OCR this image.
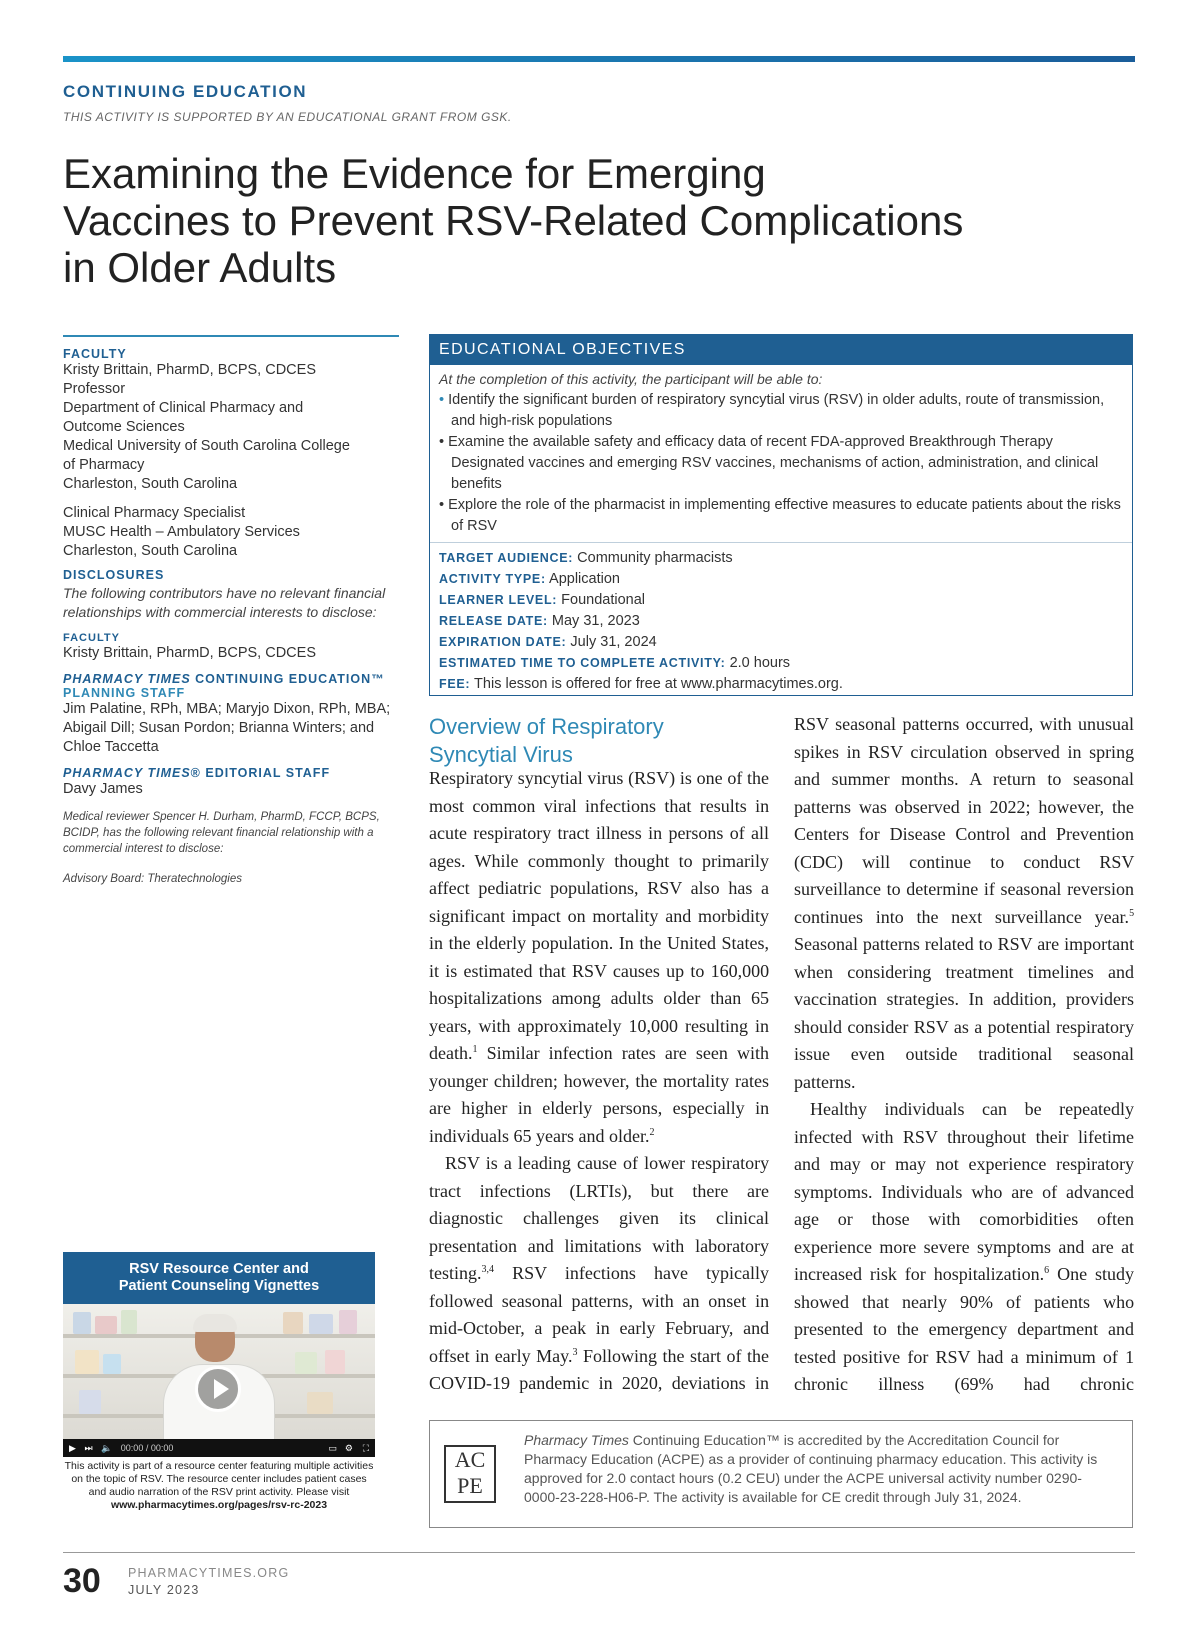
CONTINUING EDUCATION
THIS ACTIVITY IS SUPPORTED BY AN EDUCATIONAL GRANT FROM GSK.
Examining the Evidence for Emerging
Vaccines to Prevent RSV-Related Complications
in Older Adults
FACULTY
Kristy Brittain, PharmD, BCPS, CDCES
Professor
Department of Clinical Pharmacy and
Outcome Sciences
Medical University of South Carolina College
of Pharmacy
Charleston, South Carolina
Clinical Pharmacy Specialist
MUSC Health – Ambulatory Services
Charleston, South Carolina
DISCLOSURES
The following contributors have no relevant financial relationships with commercial interests to disclose:
FACULTY
Kristy Brittain, PharmD, BCPS, CDCES
PHARMACY TIMES CONTINUING EDUCATION™
PLANNING STAFF
Jim Palatine, RPh, MBA; Maryjo Dixon, RPh, MBA; Abigail Dill; Susan Pordon; Brianna Winters; and Chloe Taccetta
PHARMACY TIMES® EDITORIAL STAFF
Davy James
Medical reviewer Spencer H. Durham, PharmD, FCCP, BCPS, BCIDP, has the following relevant financial relationship with a commercial interest to disclose:
Advisory Board: Theratechnologies
EDUCATIONAL OBJECTIVES
At the completion of this activity, the participant will be able to:
• Identify the significant burden of respiratory syncytial virus (RSV) in older adults, route of transmission, and high-risk populations
• Examine the available safety and efficacy data of recent FDA-approved Breakthrough Therapy Designated vaccines and emerging RSV vaccines, mechanisms of action, administration, and clinical benefits
• Explore the role of the pharmacist in implementing effective measures to educate patients about the risks of RSV
TARGET AUDIENCE: Community pharmacists
ACTIVITY TYPE: Application
LEARNER LEVEL: Foundational
RELEASE DATE: May 31, 2023
EXPIRATION DATE: July 31, 2024
ESTIMATED TIME TO COMPLETE ACTIVITY: 2.0 hours
FEE: This lesson is offered for free at www.pharmacytimes.org.
Overview of Respiratory Syncytial Virus

Respiratory syncytial virus (RSV) is one of the most common viral infections that results in acute respiratory tract illness in persons of all ages. While commonly thought to primarily affect pediatric populations, RSV also has a significant impact on mortality and morbidity in the elderly population. In the United States, it is estimated that RSV causes up to 160,000 hospitalizations among adults older than 65 years, with approximately 10,000 resulting in death.$^1$ Similar infection rates are seen with younger children; however, the mortality rates are higher in elderly persons, especially in individuals 65 years and older.$^2$

RSV is a leading cause of lower respiratory tract infections (LRTIs), but there are diagnostic challenges given its clinical presentation and limitations with laboratory testing.$^{3,4}$ RSV infections have typically followed seasonal patterns, with an onset in mid-October, a peak in early February, and offset in early May.$^3$ Following the start of the COVID-19 pandemic in 2020, deviations in

RSV seasonal patterns occurred, with unusual spikes in RSV circulation observed in spring and summer months. A return to seasonal patterns was observed in 2022; however, the Centers for Disease Control and Prevention (CDC) will continue to conduct RSV surveillance to determine if seasonal reversion continues into the next surveillance year.$^5$ Seasonal patterns related to RSV are important when considering treatment timelines and vaccination strategies. In addition, providers should consider RSV as a potential respiratory issue even outside traditional seasonal patterns.

Healthy individuals can be repeatedly infected with RSV throughout their lifetime and may or may not experience respiratory symptoms. Individuals who are of advanced age or those with comorbidities often experience more severe symptoms and are at increased risk for hospitalization.$^6$ One study showed that nearly 90% of patients who presented to the emergency department and tested positive for RSV had a minimum of 1 chronic illness (69% had chronic

RSV Resource Center and
Patient Counseling Vignettes
▶ ⏭ 🔈 00:00 / 00:00	⛶
⚙
▭
This activity is part of a resource center featuring multiple activities on the topic of RSV. The resource center includes patient cases and audio narration of the RSV print activity. Please visit www.pharmacytimes.org/pages/rsv-rc-2023
AC
PE
Pharmacy Times Continuing Education™ is accredited by the Accreditation Council for Pharmacy Education (ACPE) as a provider of continuing pharmacy education. This activity is approved for 2.0 contact hours (0.2 CEU) under the ACPE universal activity number 0290-0000-23-228-H06-P. The activity is available for CE credit through July 31, 2024.
30 PHARMACYTIMES.ORG
JULY 2023
